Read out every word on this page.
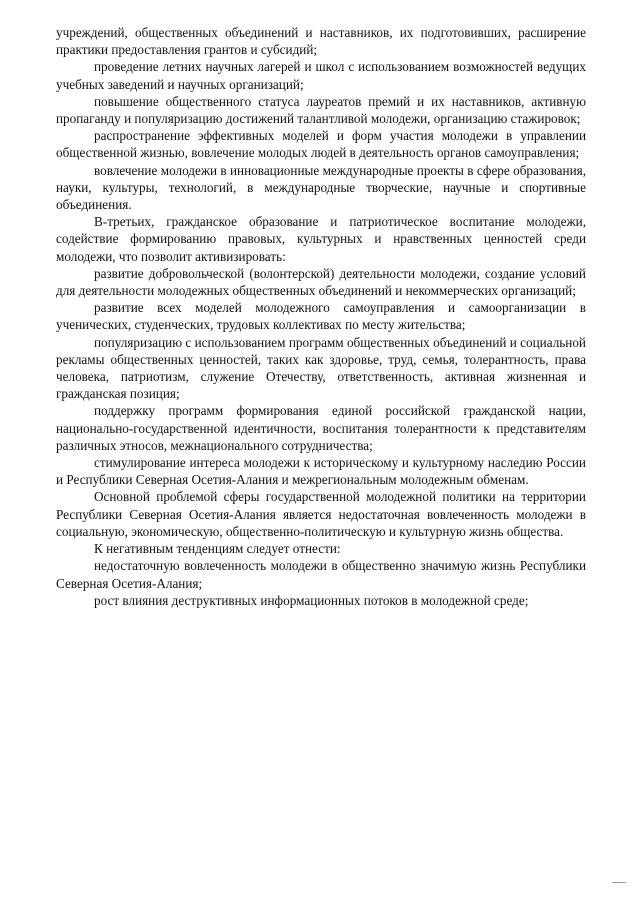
учреждений, общественных объединений и наставников, их подготовивших, расширение практики предоставления грантов и субсидий;

проведение летних научных лагерей и школ с использованием возможностей ведущих учебных заведений и научных организаций;

повышение общественного статуса лауреатов премий и их наставников, активную пропаганду и популяризацию достижений талантливой молодежи, организацию стажировок;

распространение эффективных моделей и форм участия молодежи в управлении общественной жизнью, вовлечение молодых людей в деятельность органов самоуправления;

вовлечение молодежи в инновационные международные проекты в сфере образования, науки, культуры, технологий, в международные творческие, научные и спортивные объединения.

В-третьих, гражданское образование и патриотическое воспитание молодежи, содействие формированию правовых, культурных и нравственных ценностей среди молодежи, что позволит активизировать:

развитие добровольческой (волонтерской) деятельности молодежи, создание условий для деятельности молодежных общественных объединений и некоммерческих организаций;

развитие всех моделей молодежного самоуправления и самоорганизации в ученических, студенческих, трудовых коллективах по месту жительства;

популяризацию с использованием программ общественных объединений и социальной рекламы общественных ценностей, таких как здоровье, труд, семья, толерантность, права человека, патриотизм, служение Отечеству, ответственность, активная жизненная и гражданская позиция;

поддержку программ формирования единой российской гражданской нации, национально-государственной идентичности, воспитания толерантности к представителям различных этносов, межнационального сотрудничества;

стимулирование интереса молодежи к историческому и культурному наследию России и Республики Северная Осетия-Алания и межрегиональным молодежным обменам.

Основной проблемой сферы государственной молодежной политики на территории Республики Северная Осетия-Алания является недостаточная вовлеченность молодежи в социальную, экономическую, общественно-политическую и культурную жизнь общества.

К негативным тенденциям следует отнести:

недостаточную вовлеченность молодежи в общественно значимую жизнь Республики Северная Осетия-Алания;

рост влияния деструктивных информационных потоков в молодежной среде;
